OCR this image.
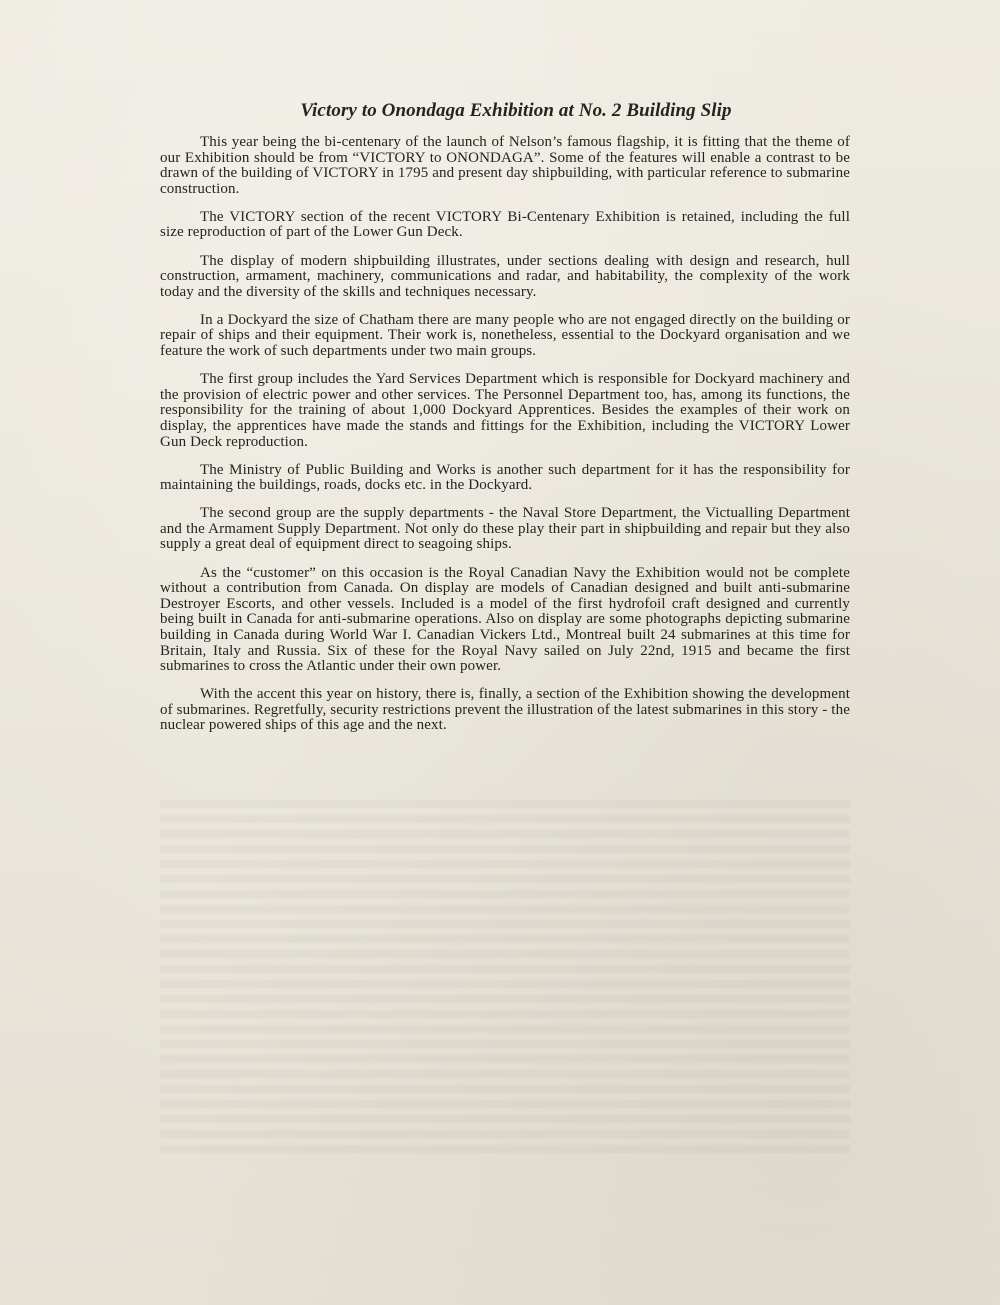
Victory to Onondaga Exhibition at No. 2 Building Slip

This year being the bi-centenary of the launch of Nelson’s famous flagship, it is fitting that the theme of our Exhibition should be from “VICTORY to ONONDAGA”. Some of the features will enable a contrast to be drawn of the building of VICTORY in 1795 and present day shipbuilding, with particular reference to submarine construction.

The VICTORY section of the recent VICTORY Bi-Centenary Exhibition is retained, including the full size reproduction of part of the Lower Gun Deck.

The display of modern shipbuilding illustrates, under sections dealing with design and research, hull construction, armament, machinery, communications and radar, and habitability, the complexity of the work today and the diversity of the skills and techniques necessary.

In a Dockyard the size of Chatham there are many people who are not engaged directly on the building or repair of ships and their equipment. Their work is, nonetheless, essential to the Dockyard organisation and we feature the work of such departments under two main groups.

The first group includes the Yard Services Department which is responsible for Dockyard machinery and the provision of electric power and other services. The Personnel Department too, has, among its functions, the responsibility for the training of about 1,000 Dockyard Apprentices. Besides the examples of their work on display, the apprentices have made the stands and fittings for the Exhibition, including the VICTORY Lower Gun Deck reproduction.

The Ministry of Public Building and Works is another such department for it has the responsibility for maintaining the buildings, roads, docks etc. in the Dockyard.

The second group are the supply departments - the Naval Store Department, the Victualling Department and the Armament Supply Department. Not only do these play their part in shipbuilding and repair but they also supply a great deal of equipment direct to seagoing ships.

As the “customer” on this occasion is the Royal Canadian Navy the Exhibition would not be complete without a contribution from Canada. On display are models of Canadian designed and built anti-submarine Destroyer Escorts, and other vessels. Included is a model of the first hydrofoil craft designed and currently being built in Canada for anti-submarine operations. Also on display are some photographs depicting submarine building in Canada during World War I. Canadian Vickers Ltd., Montreal built 24 submarines at this time for Britain, Italy and Russia. Six of these for the Royal Navy sailed on July 22nd, 1915 and became the first submarines to cross the Atlantic under their own power.

With the accent this year on history, there is, finally, a section of the Exhibition showing the development of submarines. Regretfully, security restrictions prevent the illustration of the latest submarines in this story - the nuclear powered ships of this age and the next.
